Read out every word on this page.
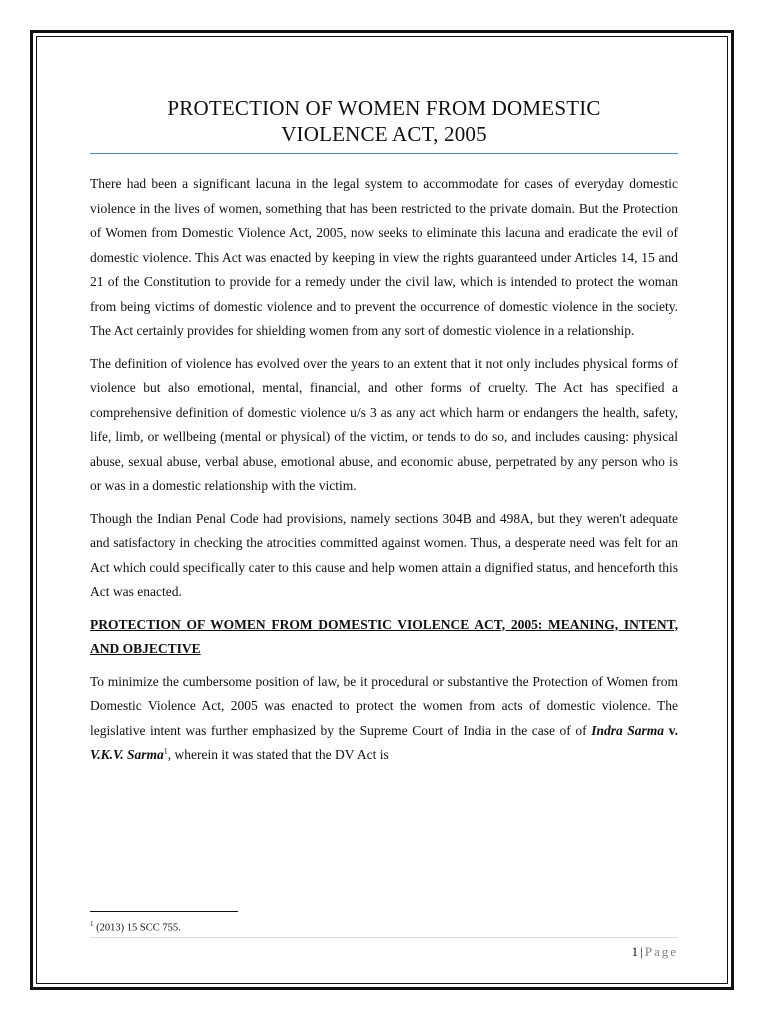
PROTECTION OF WOMEN FROM DOMESTIC
VIOLENCE ACT, 2005

There had been a significant lacuna in the legal system to accommodate for cases of everyday domestic violence in the lives of women, something that has been restricted to the private domain. But the Protection of Women from Domestic Violence Act, 2005, now seeks to eliminate this lacuna and eradicate the evil of domestic violence. This Act was enacted by keeping in view the rights guaranteed under Articles 14, 15 and 21 of the Constitution to provide for a remedy under the civil law, which is intended to protect the woman from being victims of domestic violence and to prevent the occurrence of domestic violence in the society. The Act certainly provides for shielding women from any sort of domestic violence in a relationship.

The definition of violence has evolved over the years to an extent that it not only includes physical forms of violence but also emotional, mental, financial, and other forms of cruelty. The Act has specified a comprehensive definition of domestic violence u/s 3 as any act which harm or endangers the health, safety, life, limb, or wellbeing (mental or physical) of the victim, or tends to do so, and includes causing: physical abuse, sexual abuse, verbal abuse, emotional abuse, and economic abuse, perpetrated by any person who is or was in a domestic relationship with the victim.

Though the Indian Penal Code had provisions, namely sections 304B and 498A, but they weren't adequate and satisfactory in checking the atrocities committed against women. Thus, a desperate need was felt for an Act which could specifically cater to this cause and help women attain a dignified status, and henceforth this Act was enacted.

PROTECTION OF WOMEN FROM DOMESTIC VIOLENCE ACT, 2005: MEANING, INTENT, AND OBJECTIVE

To minimize the cumbersome position of law, be it procedural or substantive the Protection of Women from Domestic Violence Act, 2005 was enacted to protect the women from acts of domestic violence. The legislative intent was further emphasized by the Supreme Court of India in the case of of Indra Sarma v. V.K.V. Sarma$^1$, wherein it was stated that the DV Act is

$^1$ (2013) 15 SCC 755.
1 | Page
